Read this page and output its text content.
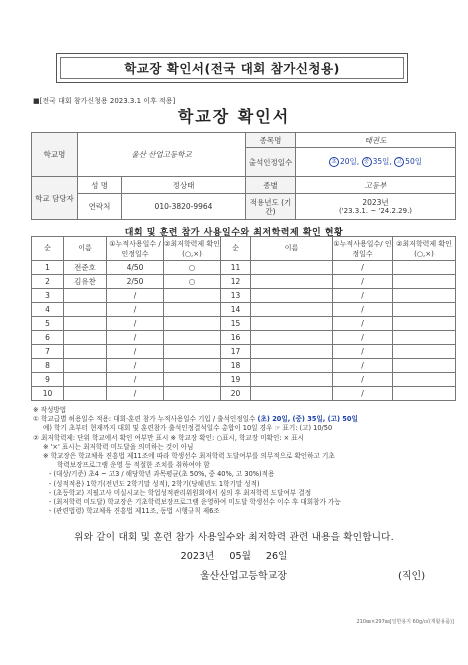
학교장 확인서(전국 대회 참가신청용)
■[전국 대회 참가신청용 2023.3.1 이후 적용]
학교장 확인서
학교명	울산 산업고등학교		종목명	태권도
			출석인정일수	초 20일, 중 35일, 고 50일
학교 담당자	성 명	정상태	종별	고등부
	연락처	010-3820-9964	적용년도 (기간)	2023년
('23.3.1. ~ '24.2.29.)
대회 및 훈련 참가 사용일수와 최저학력제 확인 현황
순	이름	①누적사용일수 /인정일수	②최저학력제 확인(○,×)	순	이름	①누적사용일수/ 인정일수	②최저학력제 확인(○,×)
1	전준호	4/50	○	11		/	
2	김유찬	2/50	○	12		/	
3		/		13		/	
4		/		14		/	
5		/		15		/	
6		/		16		/	
7		/		17		/	
8		/		18		/	
9		/		19		/	
10		/		20		/	
※ 작성방법
① 학교급별 허용일수 적용: 대회·훈련 참가 누적사용일수 기입 / 출석인정일수 (초) 20일, (중) 35일, (고) 50일
예) 학기 초부터 현재까지 대회 및 훈련참가 출석인정결석일수 총합이 10일 경우 ☞ 표기: (고) 10/50
② 최저학력제: 단위 학교에서 확인 여부만 표시 ※ 학교장 확인: ○표시, 학교장 미확인: × 표시
※ '×' 표시는 최저학력 미도달을 의미하는 것이 아님
※ 학교장은 학교체육 진흥법 제11조에 따라 학생선수 최저학력 도달여부를 의무적으로 확인하고 기초
학력보장프로그램 운영 등 적절한 조치를 취하여야 함
- (대상/기준) 초4 ~ 고3 / 해당학년 과목평균(초 50%, 중 40%, 고 30%)적용
- (성적적용) 1학기(전년도 2학기말 성적), 2학기(당해년도 1학기말 성적)
- (초등학교) 지필고사 미실시교는 학업성적관리위원회에서 심의 후 최저학력 도달여부 결정
- (최저학력 미도달) 학교장은 기초학력보장프로그램 운영하여 미도달 학생선수 이수 후 대회참가 가능
- (관련법령) 학교체육 진흥법 제11조, 동법 시행규칙 제6조
위와 같이 대회 및 훈련 참가 사용일수와 최저학력 관련 내용을 확인합니다.
2023년 05월 26일
울산산업고등학교장	(직인)
210㎜×297㎜[일반용지 60g/㎡(재활용품)]
